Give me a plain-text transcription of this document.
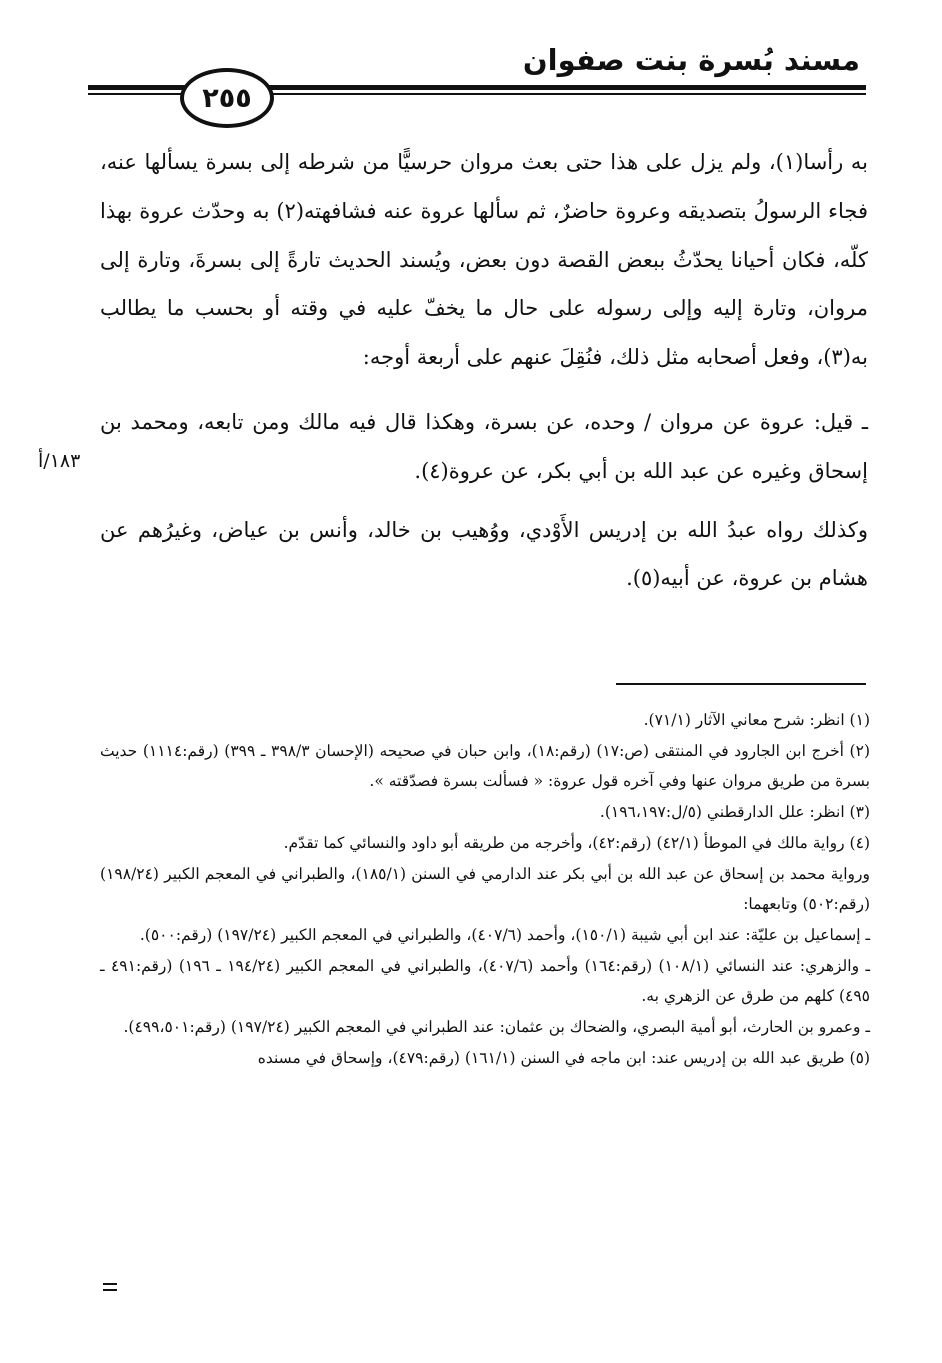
مسند بُسرة بنت صفوان
٢٥٥
١٨٣/أ

به رأسا(١)، ولم يزل على هذا حتى بعث مروان حرسيًّا من شرطه إلى بسرة يسألها عنه، فجاء الرسولُ بتصديقه وعروة حاضرٌ، ثم سألها عروة عنه فشافهته(٢) به وحدّث عروة بهذا كلّه، فكان أحيانا يحدّثُ ببعض القصة دون بعض، ويُسند الحديث تارةً إلى بسرةَ، وتارة إلى مروان، وتارة إليه وإلى رسوله على حال ما يخفّ عليه في وقته أو بحسب ما يطالب به(٣)، وفعل أصحابه مثل ذلك، فنُقِلَ عنهم على أربعة أوجه:

ـ قيل: عروة عن مروان / وحده، عن بسرة، وهكذا قال فيه مالك ومن تابعه، ومحمد بن إسحاق وغيره عن عبد الله بن أبي بكر، عن عروة(٤).

وكذلك رواه عبدُ الله بن إدريس الأَوْدي، ووُهيب بن خالد، وأنس بن عياض، وغيرُهم عن هشام بن عروة، عن أبيه(٥).

(١) انظر: شرح معاني الآثار (٧١/١).

(٢) أخرج ابن الجارود في المنتقى (ص:١٧) (رقم:١٨)، وابن حبان في صحيحه (الإحسان ٣٩٨/٣ ـ ٣٩٩) (رقم:١١١٤) حديث بسرة من طريق مروان عنها وفي آخره قول عروة: « فسألت بسرة فصدّقته ».

(٣) انظر: علل الدارقطني (٥/ل:١٩٦،١٩٧).

(٤) رواية مالك في الموطأ (٤٢/١) (رقم:٤٢)، وأخرجه من طريقه أبو داود والنسائي كما تقدّم.

ورواية محمد بن إسحاق عن عبد الله بن أبي بكر عند الدارمي في السنن (١٨٥/١)، والطبراني في المعجم الكبير (١٩٨/٢٤) (رقم:٥٠٢) وتابعهما:

ـ إسماعيل بن عليّة: عند ابن أبي شيبة (١٥٠/١)، وأحمد (٤٠٧/٦)، والطبراني في المعجم الكبير (١٩٧/٢٤) (رقم:٥٠٠).

ـ والزهري: عند النسائي (١٠٨/١) (رقم:١٦٤) وأحمد (٤٠٧/٦)، والطبراني في المعجم الكبير (١٩٤/٢٤ ـ ١٩٦) (رقم:٤٩١ ـ ٤٩٥) كلهم من طرق عن الزهري به.

ـ وعمرو بن الحارث، أبو أمية البصري، والضحاك بن عثمان: عند الطبراني في المعجم الكبير (١٩٧/٢٤) (رقم:٤٩٩،٥٠١).

(٥) طريق عبد الله بن إدريس عند: ابن ماجه في السنن (١٦١/١) (رقم:٤٧٩)، وإسحاق في مسنده
